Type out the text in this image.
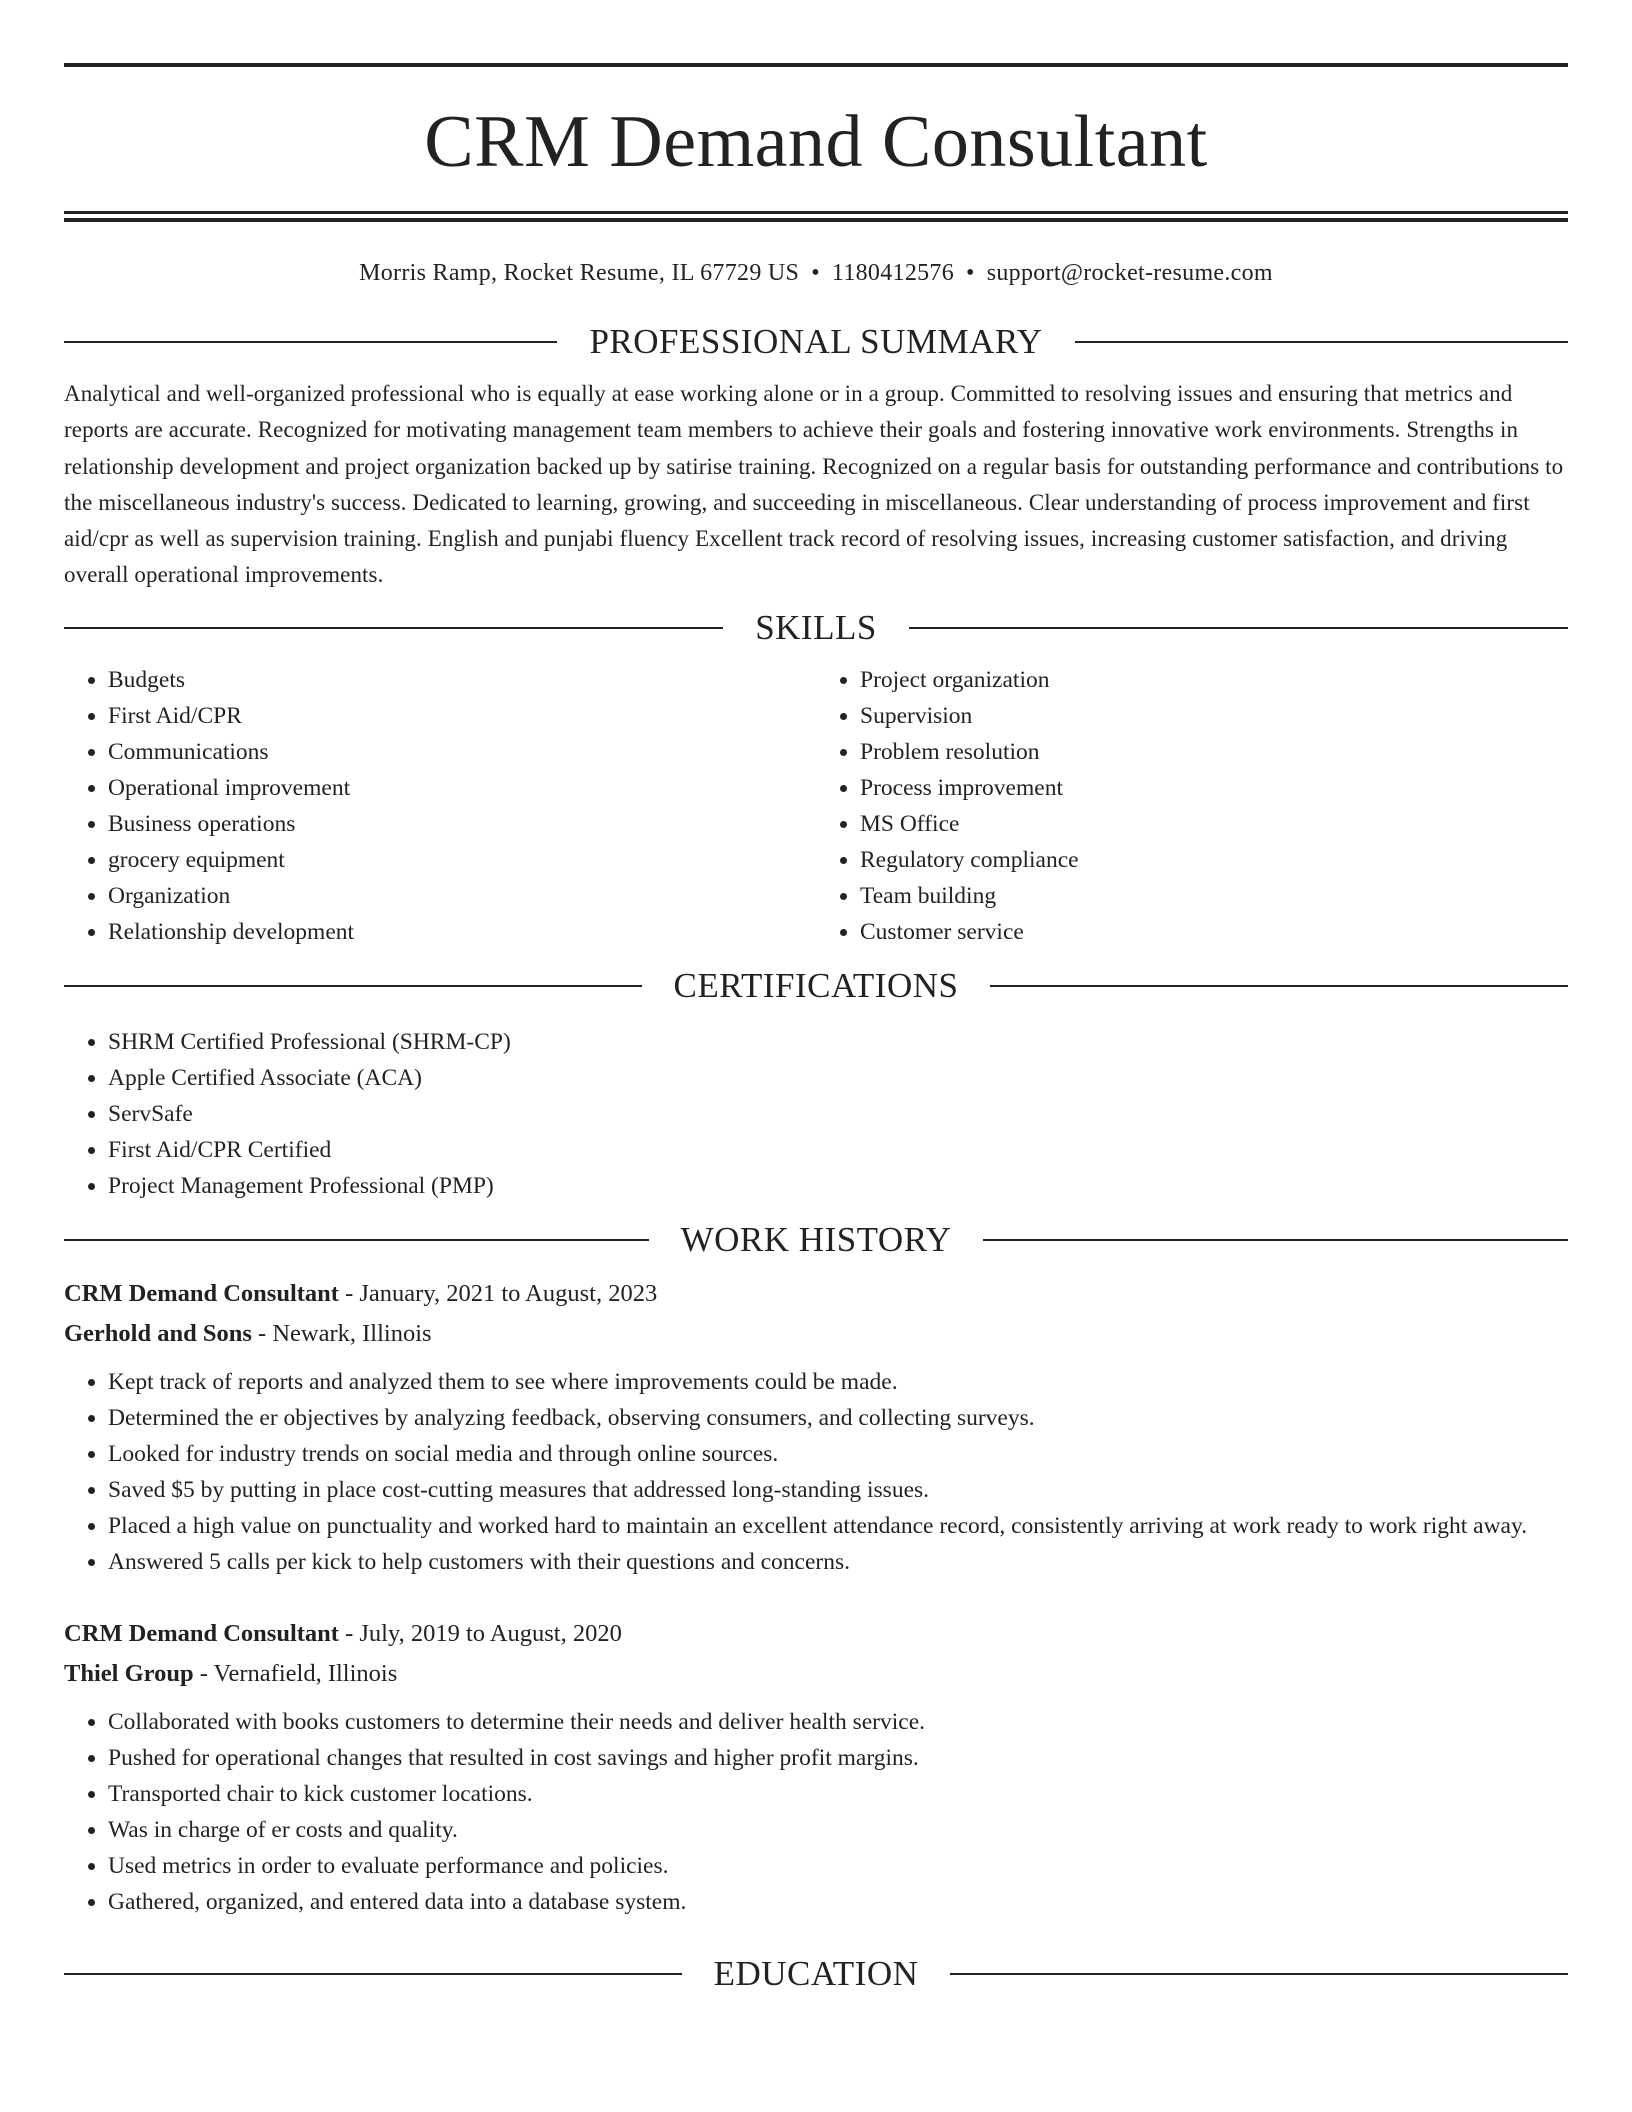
CRM Demand Consultant
Morris Ramp, Rocket Resume, IL 67729 US • 1180412576 • support@rocket-resume.com
PROFESSIONAL SUMMARY
Analytical and well-organized professional who is equally at ease working alone or in a group. Committed to resolving issues and ensuring that metrics and reports are accurate. Recognized for motivating management team members to achieve their goals and fostering innovative work environments. Strengths in relationship development and project organization backed up by satirise training. Recognized on a regular basis for outstanding performance and contributions to the miscellaneous industry's success. Dedicated to learning, growing, and succeeding in miscellaneous. Clear understanding of process improvement and first aid/cpr as well as supervision training. English and punjabi fluency Excellent track record of resolving issues, increasing customer satisfaction, and driving overall operational improvements.
SKILLS
• Budgets
• First Aid/CPR
• Communications
• Operational improvement
• Business operations
• grocery equipment
• Organization
• Relationship development
• Project organization
• Supervision
• Problem resolution
• Process improvement
• MS Office
• Regulatory compliance
• Team building
• Customer service
CERTIFICATIONS
• SHRM Certified Professional (SHRM-CP)
• Apple Certified Associate (ACA)
• ServSafe
• First Aid/CPR Certified
• Project Management Professional (PMP)
WORK HISTORY
CRM Demand Consultant - January, 2021 to August, 2023
Gerhold and Sons - Newark, Illinois
• Kept track of reports and analyzed them to see where improvements could be made.
• Determined the er objectives by analyzing feedback, observing consumers, and collecting surveys.
• Looked for industry trends on social media and through online sources.
• Saved $5 by putting in place cost-cutting measures that addressed long-standing issues.
• Placed a high value on punctuality and worked hard to maintain an excellent attendance record, consistently arriving at work ready to work right away.
• Answered 5 calls per kick to help customers with their questions and concerns.
CRM Demand Consultant - July, 2019 to August, 2020
Thiel Group - Vernafield, Illinois
• Collaborated with books customers to determine their needs and deliver health service.
• Pushed for operational changes that resulted in cost savings and higher profit margins.
• Transported chair to kick customer locations.
• Was in charge of er costs and quality.
• Used metrics in order to evaluate performance and policies.
• Gathered, organized, and entered data into a database system.
EDUCATION
